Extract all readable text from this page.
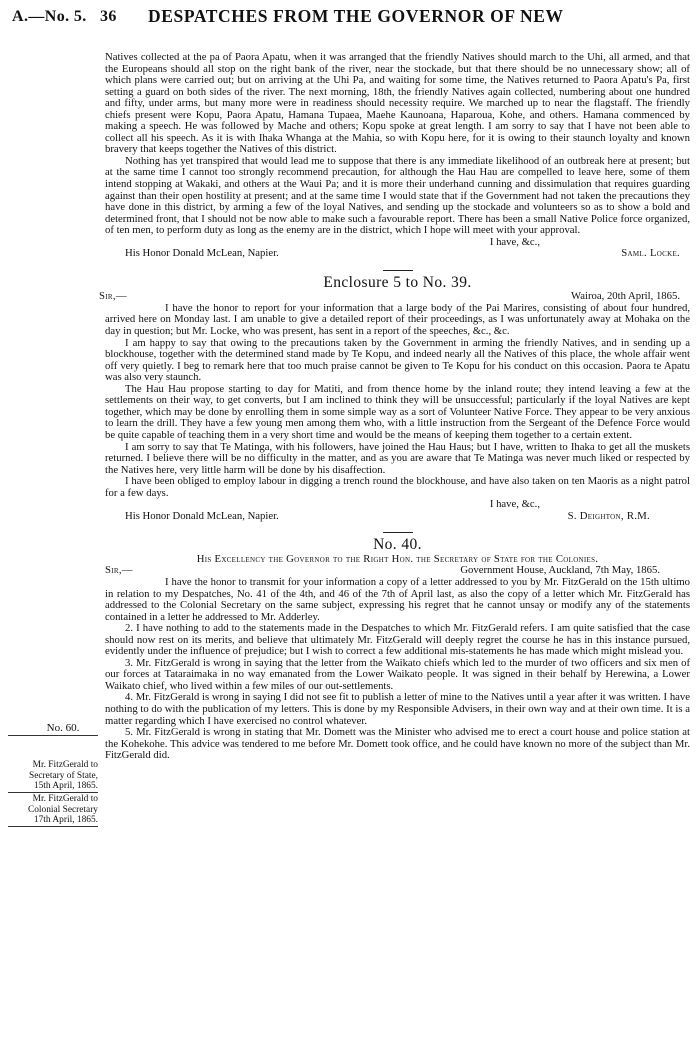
A.—No. 5. 36 DESPATCHES FROM THE GOVERNOR OF NEW
No. 60.
Mr. FitzGerald to
Secretary of State,
15th April, 1865.
Mr. FitzGerald to
Colonial Secretary
17th April, 1865.

Natives collected at the pa of Paora Apatu, when it was arranged that the friendly Natives should march to the Uhi, all armed, and that the Europeans should all stop on the right bank of the river, near the stockade, but that there should be no unnecessary show; all of which plans were carried out; but on arriving at the Uhi Pa, and waiting for some time, the Natives returned to Paora Apatu's Pa, first setting a guard on both sides of the river. The next morning, 18th, the friendly Natives again collected, numbering about one hundred and fifty, under arms, but many more were in readiness should necessity require. We marched up to near the flagstaff. The friendly chiefs present were Kopu, Paora Apatu, Hamana Tupaea, Maehe Kaunoana, Haparoua, Kohe, and others. Hamana commenced by making a speech. He was followed by Mache and others; Kopu spoke at great length. I am sorry to say that I have not been able to collect all his speech. As it is with Ihaka Whanga at the Mahia, so with Kopu here, for it is owing to their staunch loyalty and known bravery that keeps together the Natives of this district.

Nothing has yet transpired that would lead me to suppose that there is any immediate likelihood of an outbreak here at present; but at the same time I cannot too strongly recommend precaution, for although the Hau Hau are compelled to leave here, some of them intend stopping at Wakaki, and others at the Waui Pa; and it is more their underhand cunning and dissimulation that requires guarding against than their open hostility at present; and at the same time I would state that if the Government had not taken the precautions they have done in this district, by arming a few of the loyal Natives, and sending up the stockade and volunteers so as to show a bold and determined front, that I should not be now able to make such a favourable report. There has been a small Native Police force organized, of ten men, to perform duty as long as the enemy are in the district, which I hope will meet with your approval.

I have, &c.,
His Honor Donald McLean, Napier.	Saml. Locke.
Enclosure 5 to No. 39.
Sir,—	Wairoa, 20th April, 1865.

I have the honor to report for your information that a large body of the Pai Marires, consisting of about four hundred, arrived here on Monday last. I am unable to give a detailed report of their proceedings, as I was unfortunately away at Mohaka on the day in question; but Mr. Locke, who was present, has sent in a report of the speeches, &c., &c.

I am happy to say that owing to the precautions taken by the Government in arming the friendly Natives, and in sending up a blockhouse, together with the determined stand made by Te Kopu, and indeed nearly all the Natives of this place, the whole affair went off very quietly. I beg to remark here that too much praise cannot be given to Te Kopu for his conduct on this occasion. Paora te Apatu was also very staunch.

The Hau Hau propose starting to day for Matiti, and from thence home by the inland route; they intend leaving a few at the settlements on their way, to get converts, but I am inclined to think they will be unsuccessful; particularly if the loyal Natives are kept together, which may be done by enrolling them in some simple way as a sort of Volunteer Native Force. They appear to be very anxious to learn the drill. They have a few young men among them who, with a little instruction from the Sergeant of the Defence Force would be quite capable of teaching them in a very short time and would be the means of keeping them together to a certain extent.

I am sorry to say that Te Matinga, with his followers, have joined the Hau Haus; but I have, written to Ihaka to get all the muskets returned. I believe there will be no difficulty in the matter, and as you are aware that Te Matinga was never much liked or respected by the Natives here, very little harm will be done by his disaffection.

I have been obliged to employ labour in digging a trench round the blockhouse, and have also taken on ten Maoris as a night patrol for a few days.

I have, &c.,
His Honor Donald McLean, Napier.	S. Deighton, R.M.
No. 40.

His Excellency the Governor to the Right Hon. the Secretary of State for the Colonies.

Sir,—	Government House, Auckland, 7th May, 1865.

I have the honor to transmit for your information a copy of a letter addressed to you by Mr. FitzGerald on the 15th ultimo in relation to my Despatches, No. 41 of the 4th, and 46 of the 7th of April last, as also the copy of a letter which Mr. FitzGerald has addressed to the Colonial Secretary on the same subject, expressing his regret that he cannot unsay or modify any of the statements contained in a letter he addressed to Mr. Adderley.

2. I have nothing to add to the statements made in the Despatches to which Mr. FitzGerald refers. I am quite satisfied that the case should now rest on its merits, and believe that ultimately Mr. FitzGerald will deeply regret the course he has in this instance pursued, evidently under the influence of prejudice; but I wish to correct a few additional mis-statements he has made which might mislead you.

3. Mr. FitzGerald is wrong in saying that the letter from the Waikato chiefs which led to the murder of two officers and six men of our forces at Tataraimaka in no way emanated from the Lower Waikato people. It was signed in their behalf by Herewina, a Lower Waikato chief, who lived within a few miles of our out-settlements.

4. Mr. FitzGerald is wrong in saying I did not see fit to publish a letter of mine to the Natives until a year after it was written. I have nothing to do with the publication of my letters. This is done by my Responsible Advisers, in their own way and at their own time. It is a matter regarding which I have exercised no control whatever.

5. Mr. FitzGerald is wrong in stating that Mr. Domett was the Minister who advised me to erect a court house and police station at the Kohekohe. This advice was tendered to me before Mr. Domett took office, and he could have known no more of the subject than Mr. FitzGerald did.
